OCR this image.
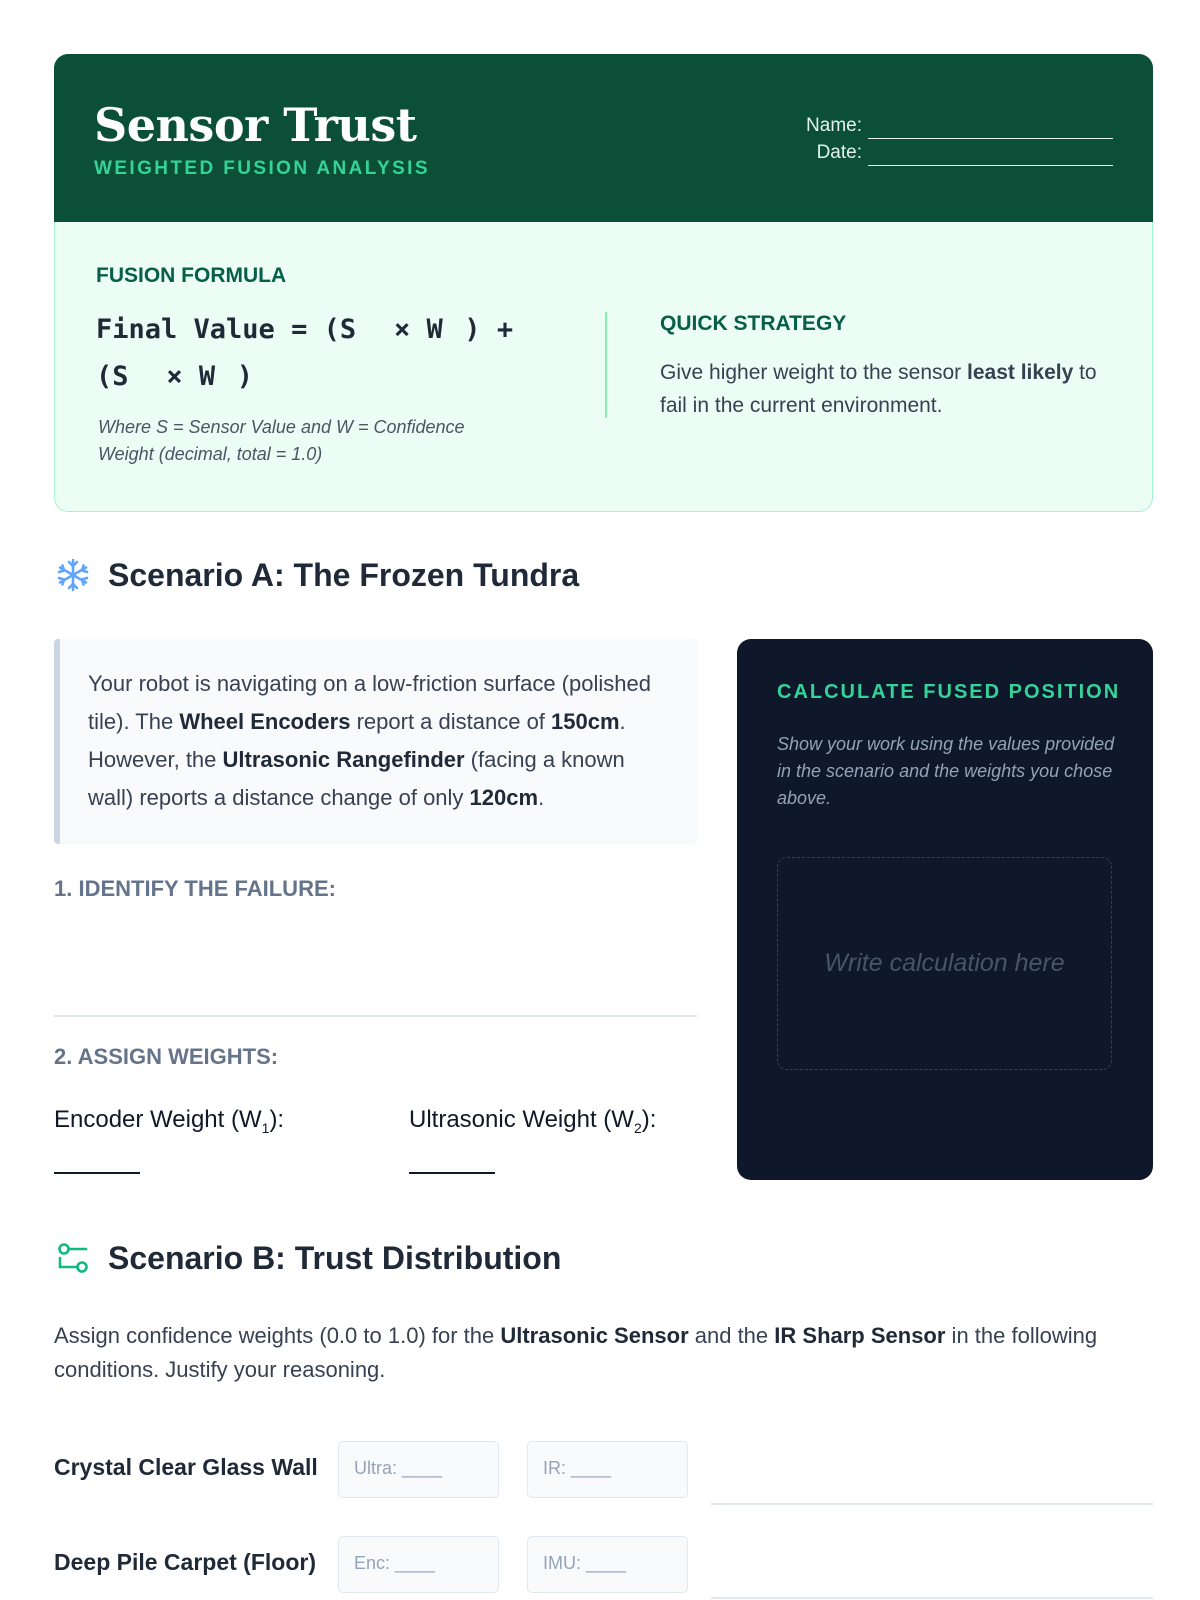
Sensor Trust
WEIGHTED FUSION ANALYSIS
Name:
Date:
FUSION FORMULA
Final Value = (S × W) +
(S × W)
Where S = Sensor Value and W = Confidence Weight (decimal, total = 1.0)
QUICK STRATEGY
Give higher weight to the sensor least likely to fail in the current environment.
Scenario A: The Frozen Tundra
Your robot is navigating on a low-friction surface (polished tile). The Wheel Encoders report a distance of 150cm. However, the Ultrasonic Rangefinder (facing a known wall) reports a distance change of only 120cm.
1. IDENTIFY THE FAILURE:
2. ASSIGN WEIGHTS:
Encoder Weight $(W_1)$:	Ultrasonic Weight $(W_2)$:
CALCULATE FUSED POSITION
Show your work using the values provided in the scenario and the weights you chose above.
Write calculation here
Scenario B: Trust Distribution
Assign confidence weights (0.0 to 1.0) for the Ultrasonic Sensor and the IR Sharp Sensor in the following conditions. Justify your reasoning.
Crystal Clear Glass Wall	Ultra: ____	IR: ____
Deep Pile Carpet (Floor)	Enc: ____	IMU: ____
